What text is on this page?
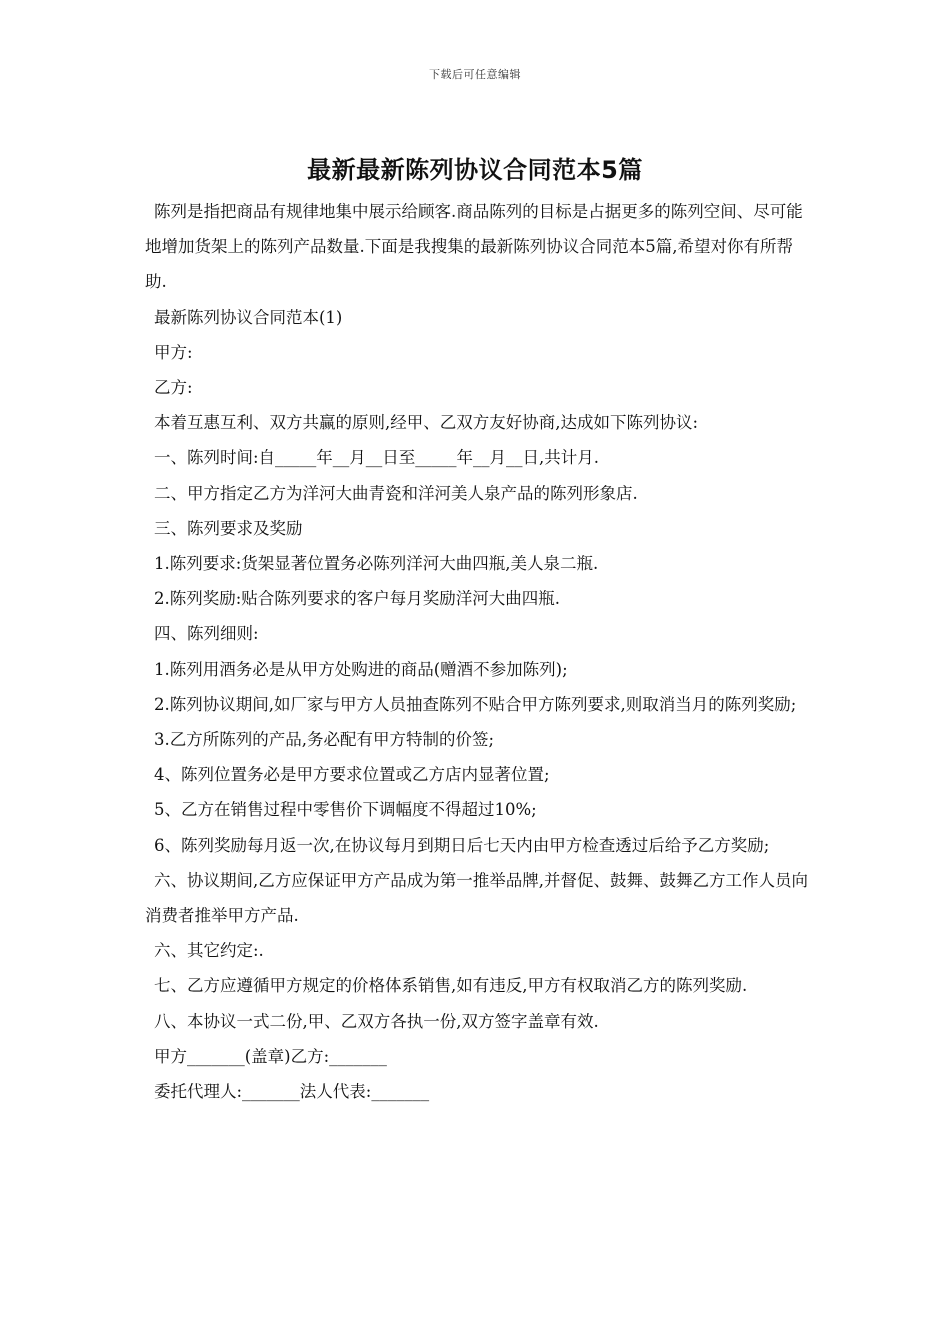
下载后可任意编辑
最新最新陈列协议合同范本5篇

陈列是指把商品有规律地集中展示给顾客.商品陈列的目标是占据更多的陈列空间、尽可能地增加货架上的陈列产品数量.下面是我搜集的最新陈列协议合同范本5篇,希望对你有所帮助.

最新陈列协议合同范本(1)

甲方:

乙方:

本着互惠互利、双方共赢的原则,经甲、乙双方友好协商,达成如下陈列协议:

一、陈列时间:自_____年__月__日至_____年__月__日,共计月.

二、甲方指定乙方为洋河大曲青瓷和洋河美人泉产品的陈列形象店.

三、陈列要求及奖励

1.陈列要求:货架显著位置务必陈列洋河大曲四瓶,美人泉二瓶.

2.陈列奖励:贴合陈列要求的客户每月奖励洋河大曲四瓶.

四、陈列细则:

1.陈列用酒务必是从甲方处购进的商品(赠酒不参加陈列);

2.陈列协议期间,如厂家与甲方人员抽查陈列不贴合甲方陈列要求,则取消当月的陈列奖励;

3.乙方所陈列的产品,务必配有甲方特制的价签;

4、陈列位置务必是甲方要求位置或乙方店内显著位置;

5、乙方在销售过程中零售价下调幅度不得超过10%;

6、陈列奖励每月返一次,在协议每月到期日后七天内由甲方检查透过后给予乙方奖励;

六、协议期间,乙方应保证甲方产品成为第一推举品牌,并督促、鼓舞、鼓舞乙方工作人员向消费者推举甲方产品.

六、其它约定:.

七、乙方应遵循甲方规定的价格体系销售,如有违反,甲方有权取消乙方的陈列奖励.

八、本协议一式二份,甲、乙双方各执一份,双方签字盖章有效.

甲方_______(盖章)乙方:_______

委托代理人:_______法人代表:_______
